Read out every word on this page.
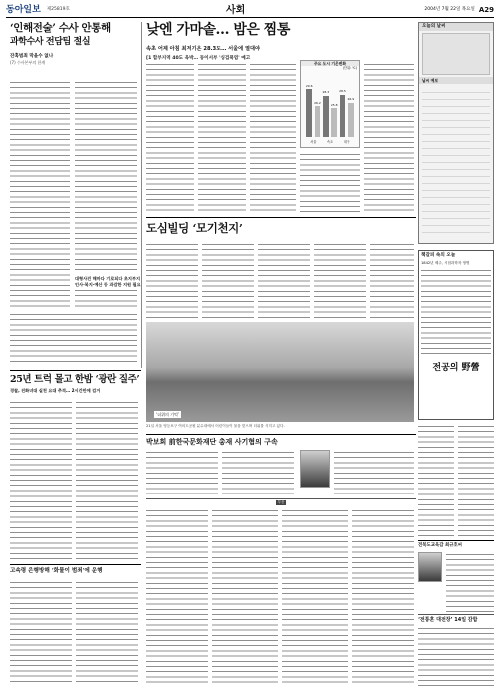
동아일보 제25819호	2004년 7월 22일 목요일 A29
사회
‘인해전술’ 수사 안통해
과학수사 전담팀 절실
잔혹범죄 막을수 없나
(7) 수사본부의 한계
대형사건 해마다 기로되다 초지부지
인사·복지·예산 등 과감한 지원 필요
낮엔 가마솥… 밤은 찜통
속초 어제 아침 최저기온 28.3도… 서울에 열대야
[1 합부지역 40도 육박… 동이서부 '싱겁폭염' 예고
주요 도시 기온변화
(단위: ℃)
29.6
서울
26.2
28.3
속초
25.8
28.5
대구
26.9
오늘의 날씨
날씨 예보
도심빌딩 ‘모기천지’
책갈피 속의 오늘
1842년 제주, 시험과학자 영명
전공의 野營
‘더위의 기억’
21일 서울 영등포구 여의도공원 분수대에서 어린이들이 물을 맞으며 더위를 식히고 있다.
25년 트럭 몰고 한밤 ‘광란 질주’
경찰, 진화녀대 실천 요대 추격… 2시간만에 검거
박보희 前한국문화재단 총재 사기혐의 구속
부음
전북도교육감 최규호씨
‘전통혼 대전장’ 14일 감합
고속령 은행방해 ‘화물이 범죄'에 운행
